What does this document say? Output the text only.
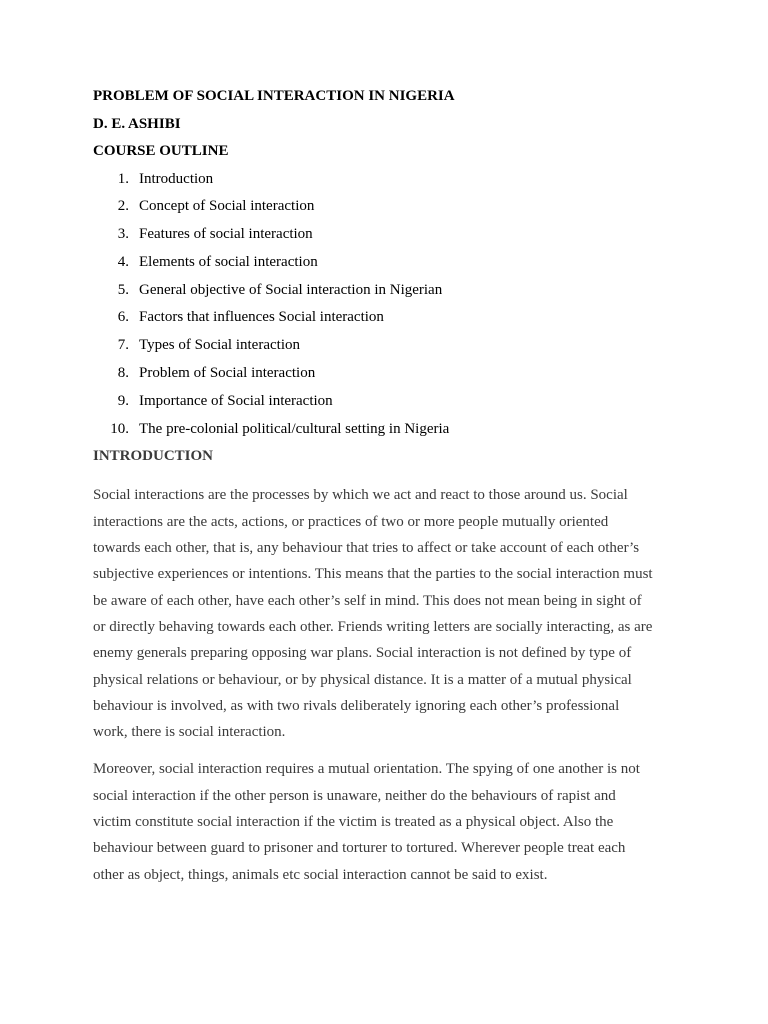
PROBLEM OF SOCIAL INTERACTION IN NIGERIA
D. E. ASHIBI
COURSE OUTLINE
1. Introduction
2. Concept of Social interaction
3. Features of social interaction
4. Elements of social interaction
5. General objective of Social interaction in Nigerian
6. Factors that influences Social interaction
7. Types of Social interaction
8. Problem of Social interaction
9. Importance of Social interaction
10. The pre-colonial political/cultural setting in Nigeria
INTRODUCTION

Social interactions are the processes by which we act and react to those around us. Social
interactions are the acts, actions, or practices of two or more people mutually oriented
towards each other, that is, any behaviour that tries to affect or take account of each other’s
subjective experiences or intentions. This means that the parties to the social interaction must
be aware of each other, have each other’s self in mind. This does not mean being in sight of
or directly behaving towards each other. Friends writing letters are socially interacting, as are
enemy generals preparing opposing war plans. Social interaction is not defined by type of
physical relations or behaviour, or by physical distance. It is a matter of a mutual physical
behaviour is involved, as with two rivals deliberately ignoring each other’s professional
work, there is social interaction.

Moreover, social interaction requires a mutual orientation. The spying of one another is not
social interaction if the other person is unaware, neither do the behaviours of rapist and
victim constitute social interaction if the victim is treated as a physical object. Also the
behaviour between guard to prisoner and torturer to tortured. Wherever people treat each
other as object, things, animals etc social interaction cannot be said to exist.
